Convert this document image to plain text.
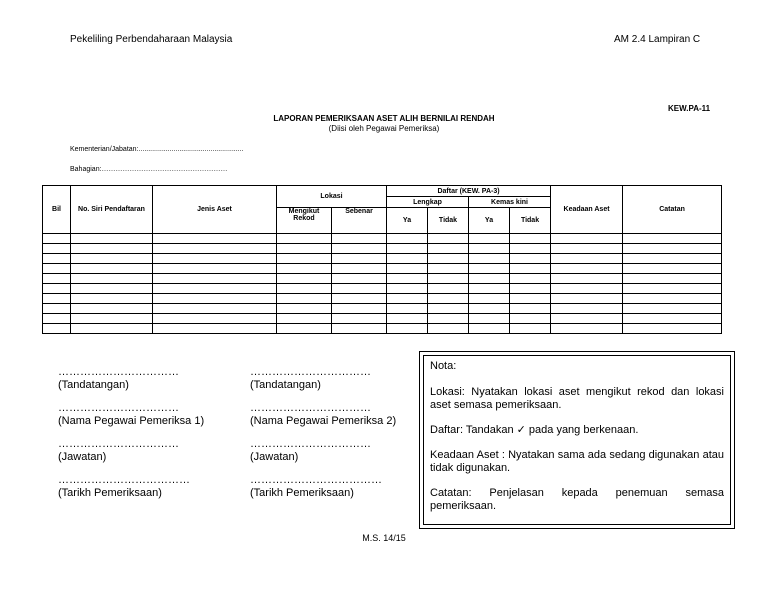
Pekeliling Perbendaharaan Malaysia	AM 2.4 Lampiran C
KEW.PA-11
LAPORAN PEMERIKSAAN ASET ALIH BERNILAI RENDAH
(Diisi oleh Pegawai Pemeriksa)
Kementerian/Jabatan:......................................................
Bahagian:………………………………………………
Bil	No. Siri Pendaftaran	Jenis Aset	Lokasi		Daftar (KEW. PA-3)				Keadaan Aset	Catatan
					Lengkap		Kemas kini			
			Mengikut Rekod	Sebenar	Ya	Tidak	Ya	Tidak		

……………………………
(Tandatangan)
……………………………
(Nama Pegawai Pemeriksa 1)
……………………………
(Jawatan)
………………………………
(Tarikh Pemeriksaan)
……………………………
(Tandatangan)
……………………………
(Nama Pegawai Pemeriksa 2)
……………………………
(Jawatan)
………………………………
(Tarikh Pemeriksaan)

Nota:

Lokasi: Nyatakan lokasi aset mengikut rekod dan lokasi aset semasa pemeriksaan.

Daftar: Tandakan ✓ pada yang berkenaan.

Keadaan Aset : Nyatakan sama ada sedang digunakan atau tidak digunakan.

Catatan: Penjelasan kepada penemuan semasa pemeriksaan.

M.S. 14/15
